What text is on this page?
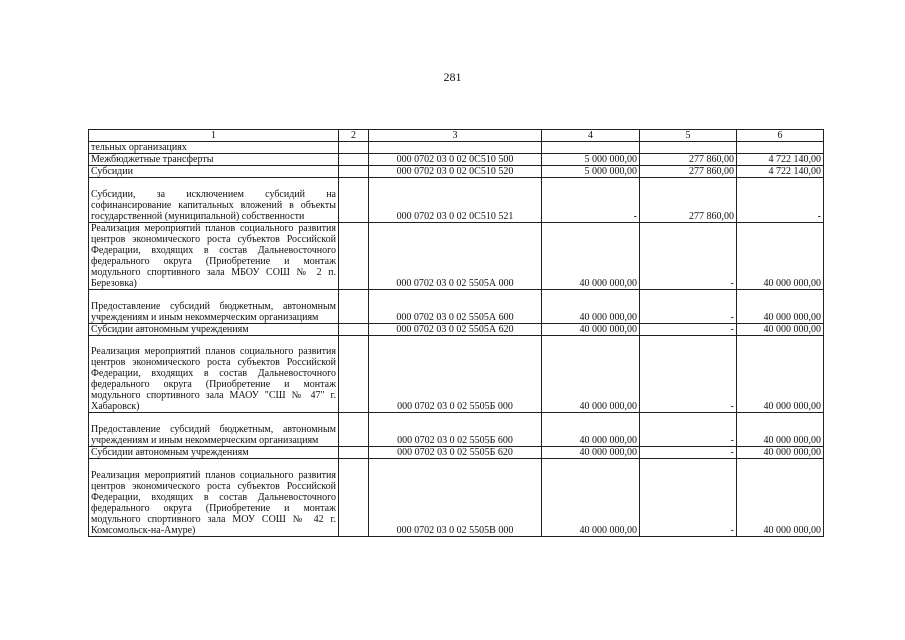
281
1	2	3	4	5	6
тельных организациях					
Межбюджетные трансферты		000 0702 03 0 02 0C510 500	5 000 000,00	277 860,00	4 722 140,00
Субсидии		000 0702 03 0 02 0C510 520	5 000 000,00	277 860,00	4 722 140,00
Субсидии, за исключением субсидий на софинансирование капитальных вложений в объекты государственной (муниципальной) собственности		000 0702 03 0 02 0C510 521	-	277 860,00	-
Реализация мероприятий планов социального развития центров экономического роста субъектов Российской Федерации, входящих в состав Дальневосточного федерального округа (Приобретение и монтаж модульного спортивного зала МБОУ СОШ № 2 п. Березовка)		000 0702 03 0 02 5505А 000	40 000 000,00	-	40 000 000,00
Предоставление субсидий бюджетным, автономным учреждениям и иным некоммерческим организациям		000 0702 03 0 02 5505А 600	40 000 000,00	-	40 000 000,00
Субсидии автономным учреждениям		000 0702 03 0 02 5505А 620	40 000 000,00	-	40 000 000,00
Реализация мероприятий планов социального развития центров экономического роста субъектов Российской Федерации, входящих в состав Дальневосточного федерального округа (Приобретение и монтаж модульного спортивного зала МАОУ "СШ № 47" г. Хабаровск)		000 0702 03 0 02 5505Б 000	40 000 000,00	-	40 000 000,00
Предоставление субсидий бюджетным, автономным учреждениям и иным некоммерческим организациям		000 0702 03 0 02 5505Б 600	40 000 000,00	-	40 000 000,00
Субсидии автономным учреждениям		000 0702 03 0 02 5505Б 620	40 000 000,00	-	40 000 000,00
Реализация мероприятий планов социального развития центров экономического роста субъектов Российской Федерации, входящих в состав Дальневосточного федерального округа (Приобретение и монтаж модульного спортивного зала МОУ СОШ № 42 г. Комсомольск-на-Амуре)		000 0702 03 0 02 5505В 000	40 000 000,00	-	40 000 000,00
